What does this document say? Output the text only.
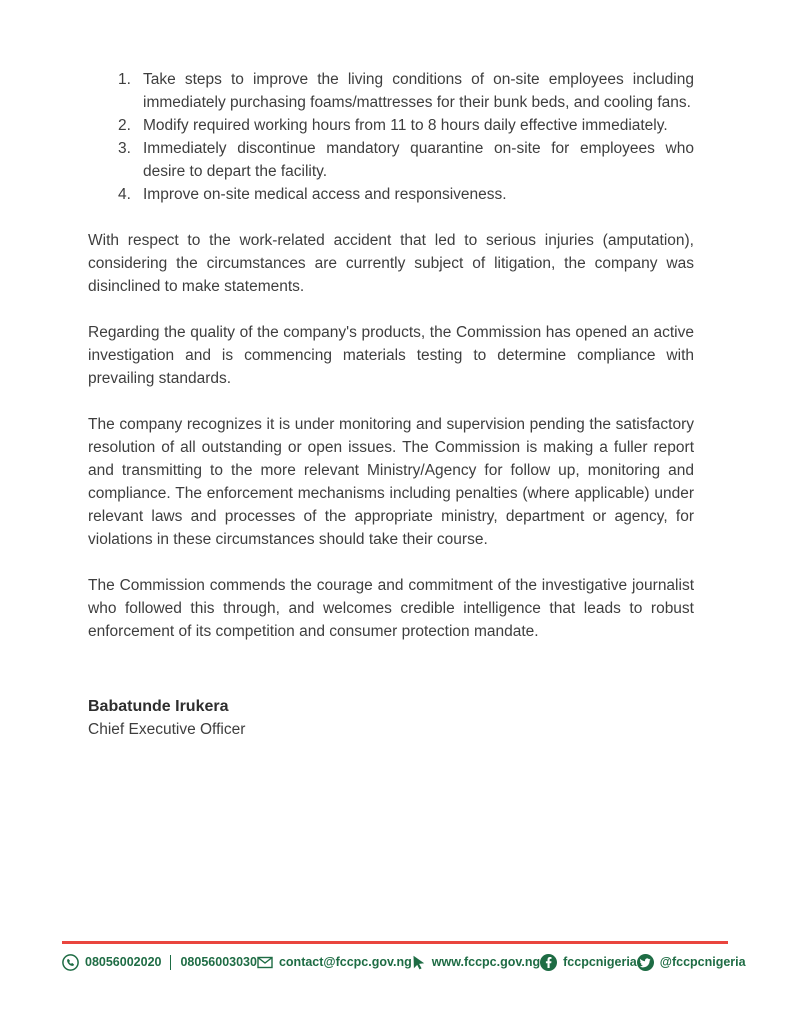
1. Take steps to improve the living conditions of on-site employees including immediately purchasing foams/mattresses for their bunk beds, and cooling fans.
2. Modify required working hours from 11 to 8 hours daily effective immediately.
3. Immediately discontinue mandatory quarantine on-site for employees who desire to depart the facility.
4. Improve on-site medical access and responsiveness.

With respect to the work-related accident that led to serious injuries (amputation), considering the circumstances are currently subject of litigation, the company was disinclined to make statements.

Regarding the quality of the company's products, the Commission has opened an active investigation and is commencing materials testing to determine compliance with prevailing standards.

The company recognizes it is under monitoring and supervision pending the satisfactory resolution of all outstanding or open issues. The Commission is making a fuller report and transmitting to the more relevant Ministry/Agency for follow up, monitoring and compliance. The enforcement mechanisms including penalties (where applicable) under relevant laws and processes of the appropriate ministry, department or agency, for violations in these circumstances should take their course.

The Commission commends the courage and commitment of the investigative journalist who followed this through, and welcomes credible intelligence that leads to robust enforcement of its competition and consumer protection mandate.

Babatunde Irukera
Chief Executive Officer
08056002020 08056003030 contact@fccpc.gov.ng www.fccpc.gov.ng fccpcnigeria @fccpcnigeria
